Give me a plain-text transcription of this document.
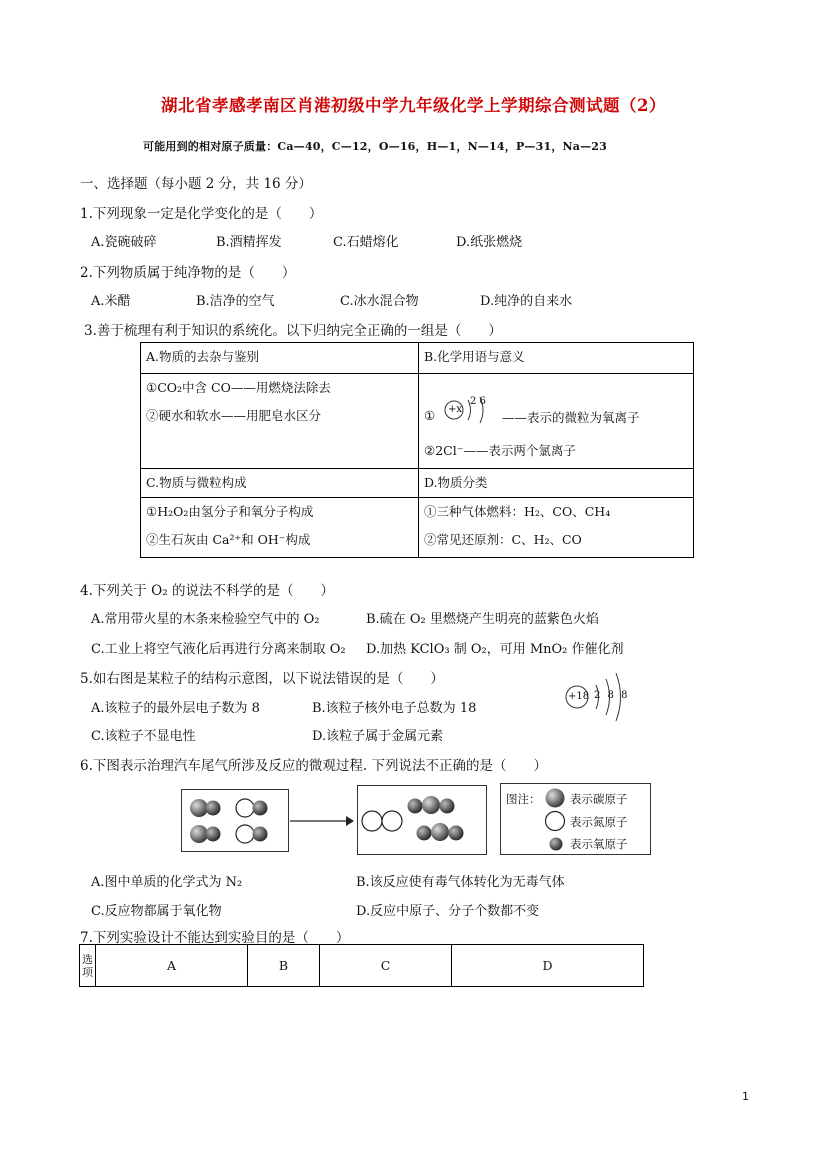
湖北省孝感孝南区肖港初级中学九年级化学上学期综合测试题（2）
可能用到的相对原子质量：Ca—40，C—12，O—16，H—1，N—14，P—31，Na—23
一、选择题（每小题 2 分，共 16 分）
1.下列现象一定是化学变化的是（　　）
A.瓷碗破碎	B.酒精挥发	C.石蜡熔化	D.纸张燃烧
2.下列物质属于纯净物的是（　　）
A.米醋	B.洁净的空气	C.冰水混合物	D.纯净的自来水
3.善于梳理有利于知识的系统化。以下归纳完全正确的一组是（　　）
A.物质的去杂与鉴别	B.化学用语与意义

①CO₂中含 CO——用燃烧法除去
②硬水和软水——用肥皂水区分	① +x
2 6
——表示的微粒为氧离子
②2Cl⁻——表示两个氯离子

C.物质与微粒构成	D.物质分类

①H₂O₂由氢分子和氧分子构成
②生石灰由 Ca²⁺和 OH⁻构成	①三种气体燃料：H₂、CO、CH₄
②常见还原剂：C、H₂、CO
4.下列关于 O₂ 的说法不科学的是（　　）
A.常用带火星的木条来检验空气中的 O₂	B.硫在 O₂ 里燃烧产生明亮的蓝紫色火焰
C.工业上将空气液化后再进行分离来制取 O₂ D.加热 KClO₃ 制 O₂，可用 MnO₂ 作催化剂
5.如右图是某粒子的结构示意图，以下说法错误的是（　　）
A.该粒子的最外层电子数为 8	B.该粒子核外电子总数为 18
C.该粒子不显电性	D.该粒子属于金属元素
+18 2 8 8
6.下图表示治理汽车尾气所涉及反应的微观过程. 下列说法不正确的是（　　）
图注：	表示碳原子
表示氮原子
表示氧原子
A.图中单质的化学式为 N₂	B.该反应使有毒气体转化为无毒气体
C.反应物都属于氧化物	D.反应中原子、分子个数都不变
7.下列实验设计不能达到实验目的是（　　）
选项	A	B	C	D
1
